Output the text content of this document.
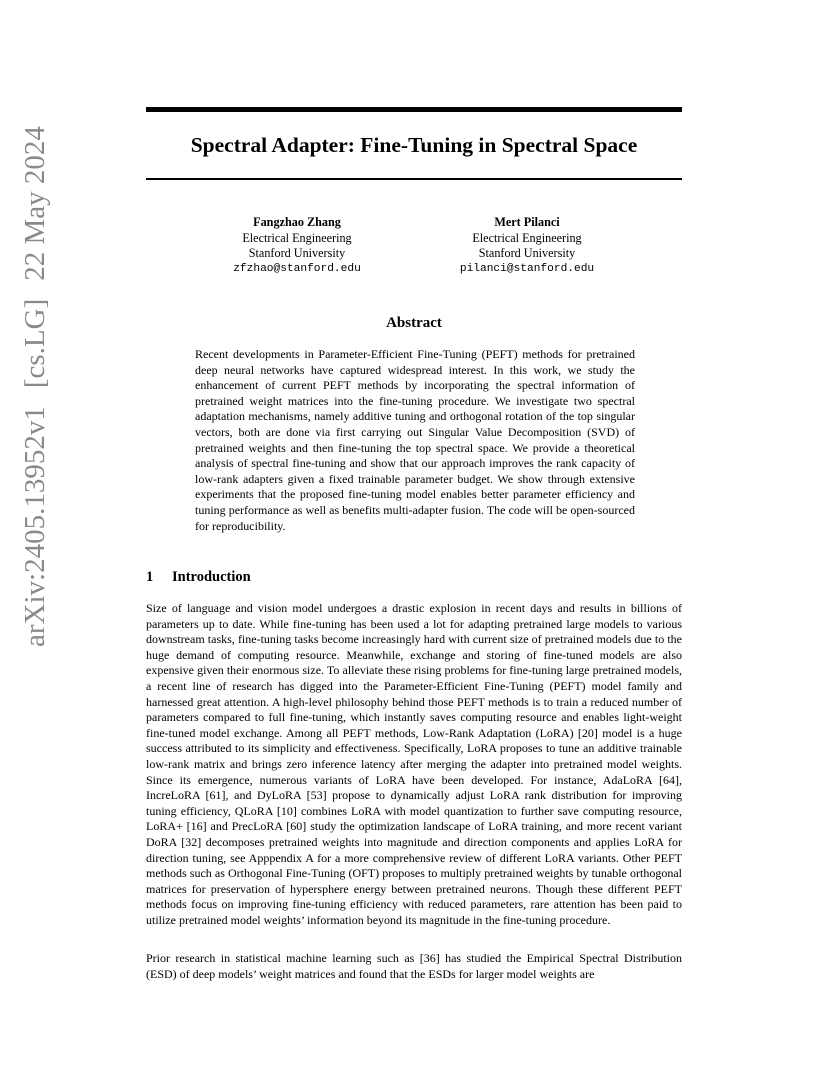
Spectral Adapter: Fine-Tuning in Spectral Space
Fangzhao Zhang
Electrical Engineering
Stanford University
zfzhao@stanford.edu
Mert Pilanci
Electrical Engineering
Stanford University
pilanci@stanford.edu
arXiv:2405.13952v1[cs.LG]22 May 2024
Abstract

Recent developments in Parameter-Efficient Fine-Tuning (PEFT) methods for pretrained deep neural networks have captured widespread interest. In this work, we study the enhancement of current PEFT methods by incorporating the spectral information of pretrained weight matrices into the fine-tuning procedure. We investigate two spectral adaptation mechanisms, namely additive tuning and orthogonal rotation of the top singular vectors, both are done via first carrying out Singular Value Decomposition (SVD) of pretrained weights and then fine-tuning the top spectral space. We provide a theoretical analysis of spectral fine-tuning and show that our approach improves the rank capacity of low-rank adapters given a fixed trainable parameter budget. We show through extensive experiments that the proposed fine-tuning model enables better parameter efficiency and tuning performance as well as benefits multi-adapter fusion. The code will be open-sourced for reproducibility.

1 Introduction

Size of language and vision model undergoes a drastic explosion in recent days and results in billions of parameters up to date. While fine-tuning has been used a lot for adapting pretrained large models to various downstream tasks, fine-tuning tasks become increasingly hard with current size of pretrained models due to the huge demand of computing resource. Meanwhile, exchange and storing of fine-tuned models are also expensive given their enormous size. To alleviate these rising problems for fine-tuning large pretrained models, a recent line of research has digged into the Parameter-Efficient Fine-Tuning (PEFT) model family and harnessed great attention. A high-level philosophy behind those PEFT methods is to train a reduced number of parameters compared to full fine-tuning, which instantly saves computing resource and enables light-weight fine-tuned model exchange. Among all PEFT methods, Low-Rank Adaptation (LoRA) [20] model is a huge success attributed to its simplicity and effectiveness. Specifically, LoRA proposes to tune an additive trainable low-rank matrix and brings zero inference latency after merging the adapter into pretrained model weights. Since its emergence, numerous variants of LoRA have been developed. For instance, AdaLoRA [64], IncreLoRA [61], and DyLoRA [53] propose to dynamically adjust LoRA rank distribution for improving tuning efficiency, QLoRA [10] combines LoRA with model quantization to further save computing resource, LoRA+ [16] and PrecLoRA [60] study the optimization landscape of LoRA training, and more recent variant DoRA [32] decomposes pretrained weights into magnitude and direction components and applies LoRA for direction tuning, see Apppendix A for a more comprehensive review of different LoRA variants. Other PEFT methods such as Orthogonal Fine-Tuning (OFT) proposes to multiply pretrained weights by tunable orthogonal matrices for preservation of hypersphere energy between pretrained neurons. Though these different PEFT methods focus on improving fine-tuning efficiency with reduced parameters, rare attention has been paid to utilize pretrained model weights’ information beyond its magnitude in the fine-tuning procedure.

Prior research in statistical machine learning such as [36] has studied the Empirical Spectral Distribution (ESD) of deep models’ weight matrices and found that the ESDs for larger model weights are
